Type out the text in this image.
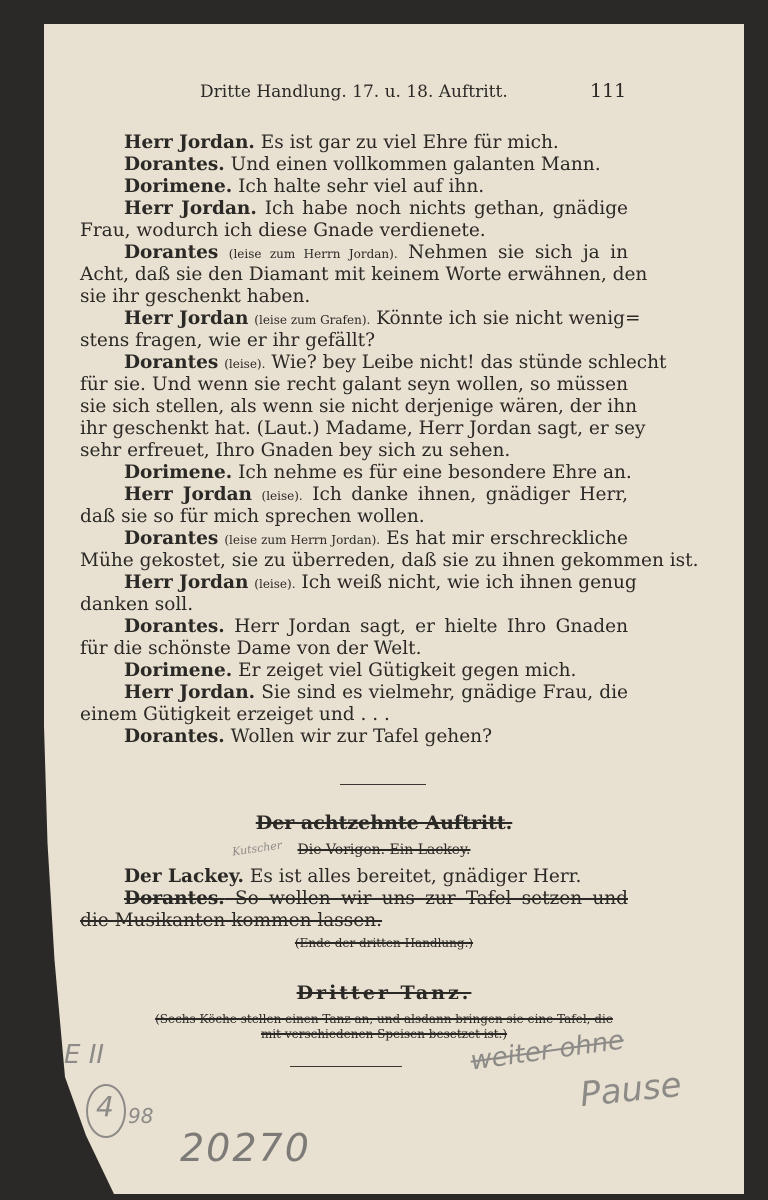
Dritte Handlung. 17. u. 18. Auftritt.	111
Herr Jordan. Es ist gar zu viel Ehre für mich.
Dorantes. Und einen vollkommen galanten Mann.
Dorimene. Ich halte sehr viel auf ihn.
Herr Jordan. Ich habe noch nichts gethan, gnädige
Frau, wodurch ich diese Gnade verdienete.
Dorantes (leise zum Herrn Jordan). Nehmen sie sich ja in
Acht, daß sie den Diamant mit keinem Worte erwähnen, den
sie ihr geschenkt haben.
Herr Jordan (leise zum Grafen). Könnte ich sie nicht wenig=
stens fragen, wie er ihr gefällt?
Dorantes (leise). Wie? bey Leibe nicht! das stünde schlecht
für sie. Und wenn sie recht galant seyn wollen, so müssen
sie sich stellen, als wenn sie nicht derjenige wären, der ihn
ihr geschenkt hat. (Laut.) Madame, Herr Jordan sagt, er sey
sehr erfreuet, Ihro Gnaden bey sich zu sehen.
Dorimene. Ich nehme es für eine besondere Ehre an.
Herr Jordan (leise). Ich danke ihnen, gnädiger Herr,
daß sie so für mich sprechen wollen.
Dorantes (leise zum Herrn Jordan). Es hat mir erschreckliche
Mühe gekostet, sie zu überreden, daß sie zu ihnen gekommen ist.
Herr Jordan (leise). Ich weiß nicht, wie ich ihnen genug
danken soll.
Dorantes. Herr Jordan sagt, er hielte Ihro Gnaden
für die schönste Dame von der Welt.
Dorimene. Er zeiget viel Gütigkeit gegen mich.
Herr Jordan. Sie sind es vielmehr, gnädige Frau, die
einem Gütigkeit erzeiget und . . .
Dorantes. Wollen wir zur Tafel gehen?
Der achtzehnte Auftritt.
Die Vorigen. Ein Lackey.
Kutscher
Der Lackey. Es ist alles bereitet, gnädiger Herr.
Dorantes. So wollen wir uns zur Tafel setzen und
die Musikanten kommen lassen.
(Ende der dritten Handlung.)
Dritter Tanz.
(Sechs Köche stellen einen Tanz an, und alsdann bringen sie eine Tafel, die mit verschiedenen Speisen besetzet ist.)
E II
4 98
20270
weiter ohne
Pause
